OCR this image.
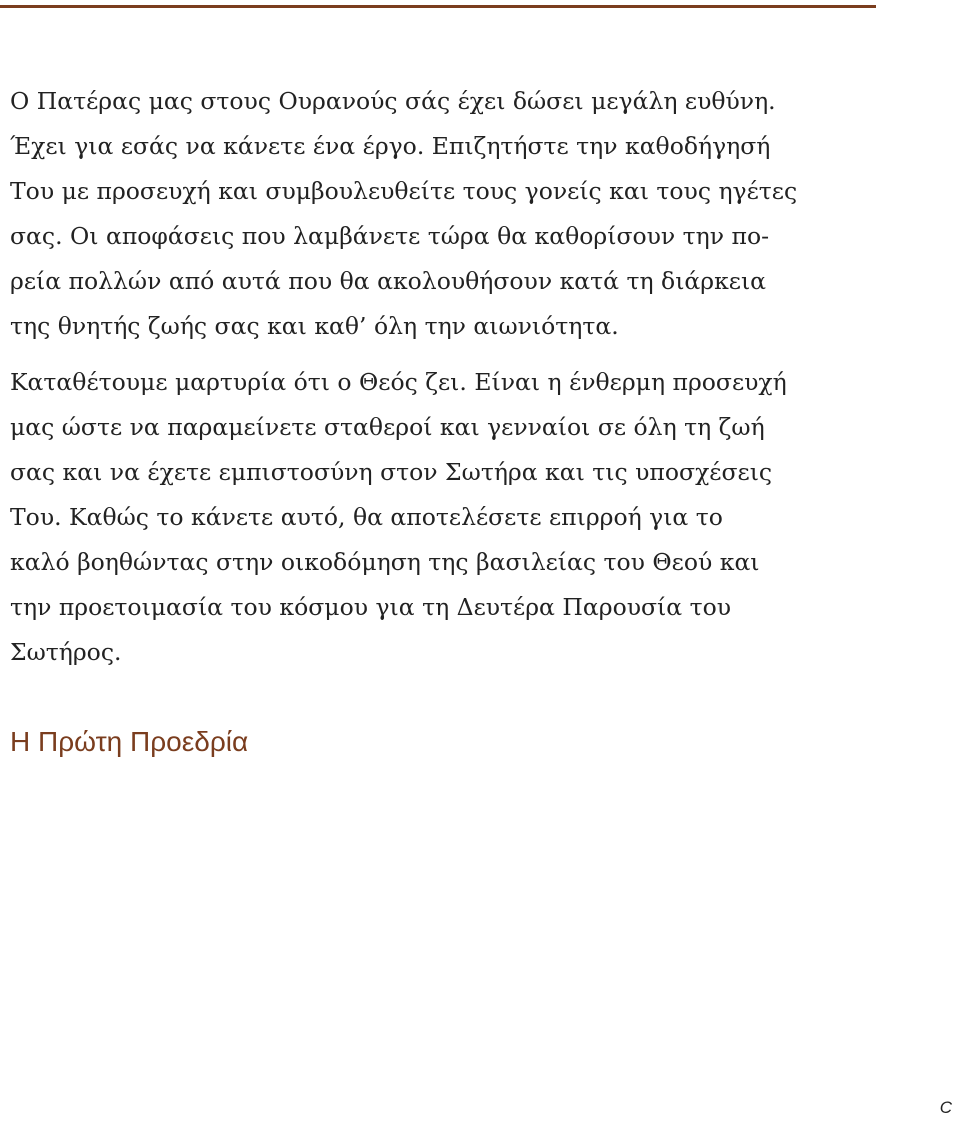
Ο Πατέρας μας στους Ουρανούς σάς έχει δώσει μεγάλη ευθύνη.
Έχει για εσάς να κάνετε ένα έργο. Επιζητήστε την καθοδήγησή
Του με προσευχή και συμβουλευθείτε τους γονείς και τους ηγέτες
σας. Οι αποφάσεις που λαμβάνετε τώρα θα καθορίσουν την πο-
ρεία πολλών από αυτά που θα ακολουθήσουν κατά τη διάρκεια
της θνητής ζωής σας και καθ’ όλη την αιωνιότητα.

Καταθέτουμε μαρτυρία ότι ο Θεός ζει. Είναι η ένθερμη προσευχή
μας ώστε να παραμείνετε σταθεροί και γενναίοι σε όλη τη ζωή
σας και να έχετε εμπιστοσύνη στον Σωτήρα και τις υποσχέσεις
Του. Καθώς το κάνετε αυτό, θα αποτελέσετε επιρροή για το
καλό βοηθώντας στην οικοδόμηση της βασιλείας του Θεού και
την προετοιμασία του κόσμου για τη Δευτέρα Παρουσία του
Σωτήρος.

Η Πρώτη Προεδρία
C
